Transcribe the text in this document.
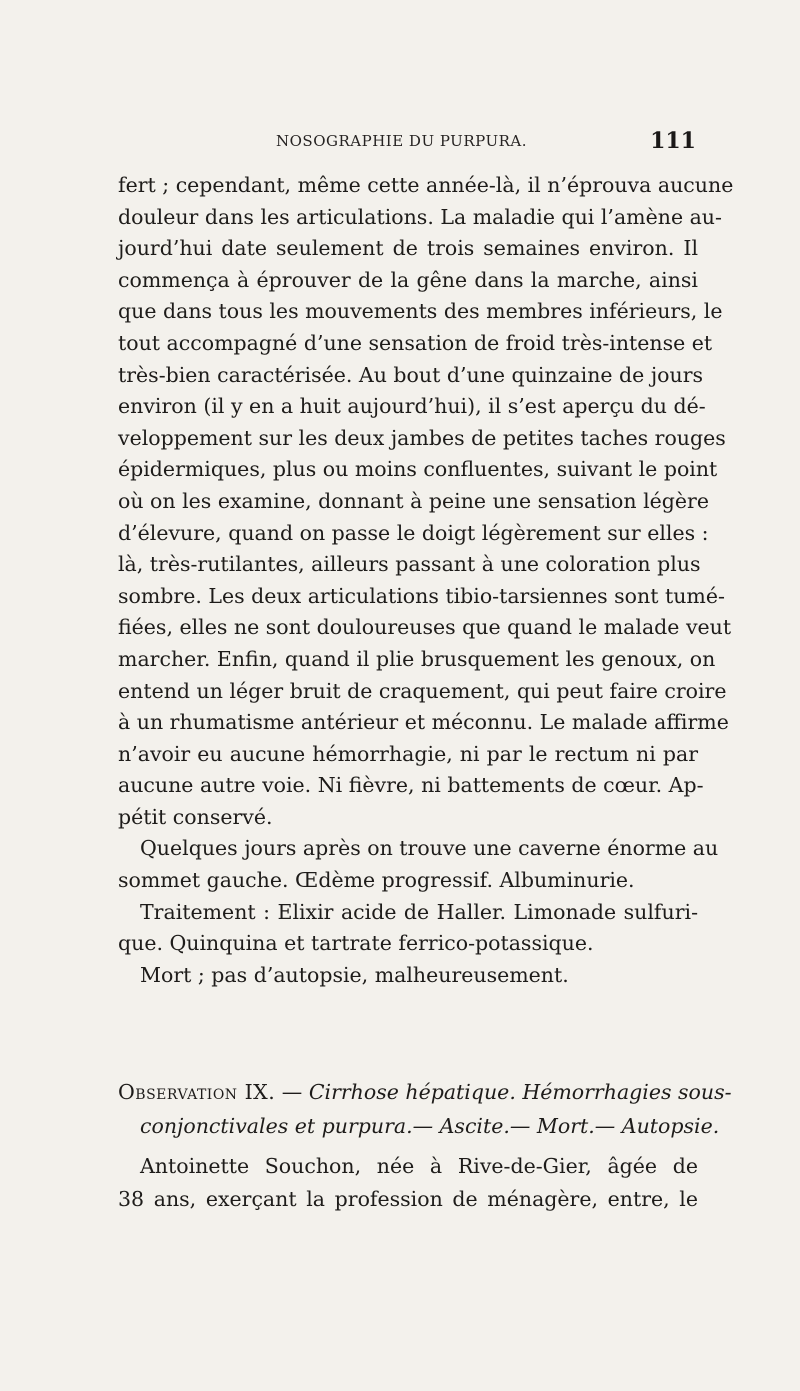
NOSOGRAPHIE DU PURPURA.	111
fert ; cependant, même cette année-là, il n’éprouva aucune
douleur dans les articulations. La maladie qui l’amène au-
jourd’hui date seulement de trois semaines environ. Il
commença à éprouver de la gêne dans la marche, ainsi
que dans tous les mouvements des membres inférieurs, le
tout accompagné d’une sensation de froid très-intense et
très-bien caractérisée. Au bout d’une quinzaine de jours
environ (il y en a huit aujourd’hui), il s’est aperçu du dé-
veloppement sur les deux jambes de petites taches rouges
épidermiques, plus ou moins confluentes, suivant le point
où on les examine, donnant à peine une sensation légère
d’élevure, quand on passe le doigt légèrement sur elles :
là, très-rutilantes, ailleurs passant à une coloration plus
sombre. Les deux articulations tibio-tarsiennes sont tumé-
fiées, elles ne sont douloureuses que quand le malade veut
marcher. Enfin, quand il plie brusquement les genoux, on
entend un léger bruit de craquement, qui peut faire croire
à un rhumatisme antérieur et méconnu. Le malade affirme
n’avoir eu aucune hémorrhagie, ni par le rectum ni par
aucune autre voie. Ni fièvre, ni battements de cœur. Ap-
pétit conservé.
Quelques jours après on trouve une caverne énorme au
sommet gauche. Œdème progressif. Albuminurie.
Traitement : Elixir acide de Haller. Limonade sulfuri-
que. Quinquina et tartrate ferrico-potassique.
Mort ; pas d’autopsie, malheureusement.
Observation IX. — Cirrhose hépatique. Hémorrhagies sous-
conjonctivales et purpura.— Ascite.— Mort.— Autopsie.
Antoinette Souchon, née à Rive-de-Gier, âgée de
38 ans, exerçant la profession de ménagère, entre, le
